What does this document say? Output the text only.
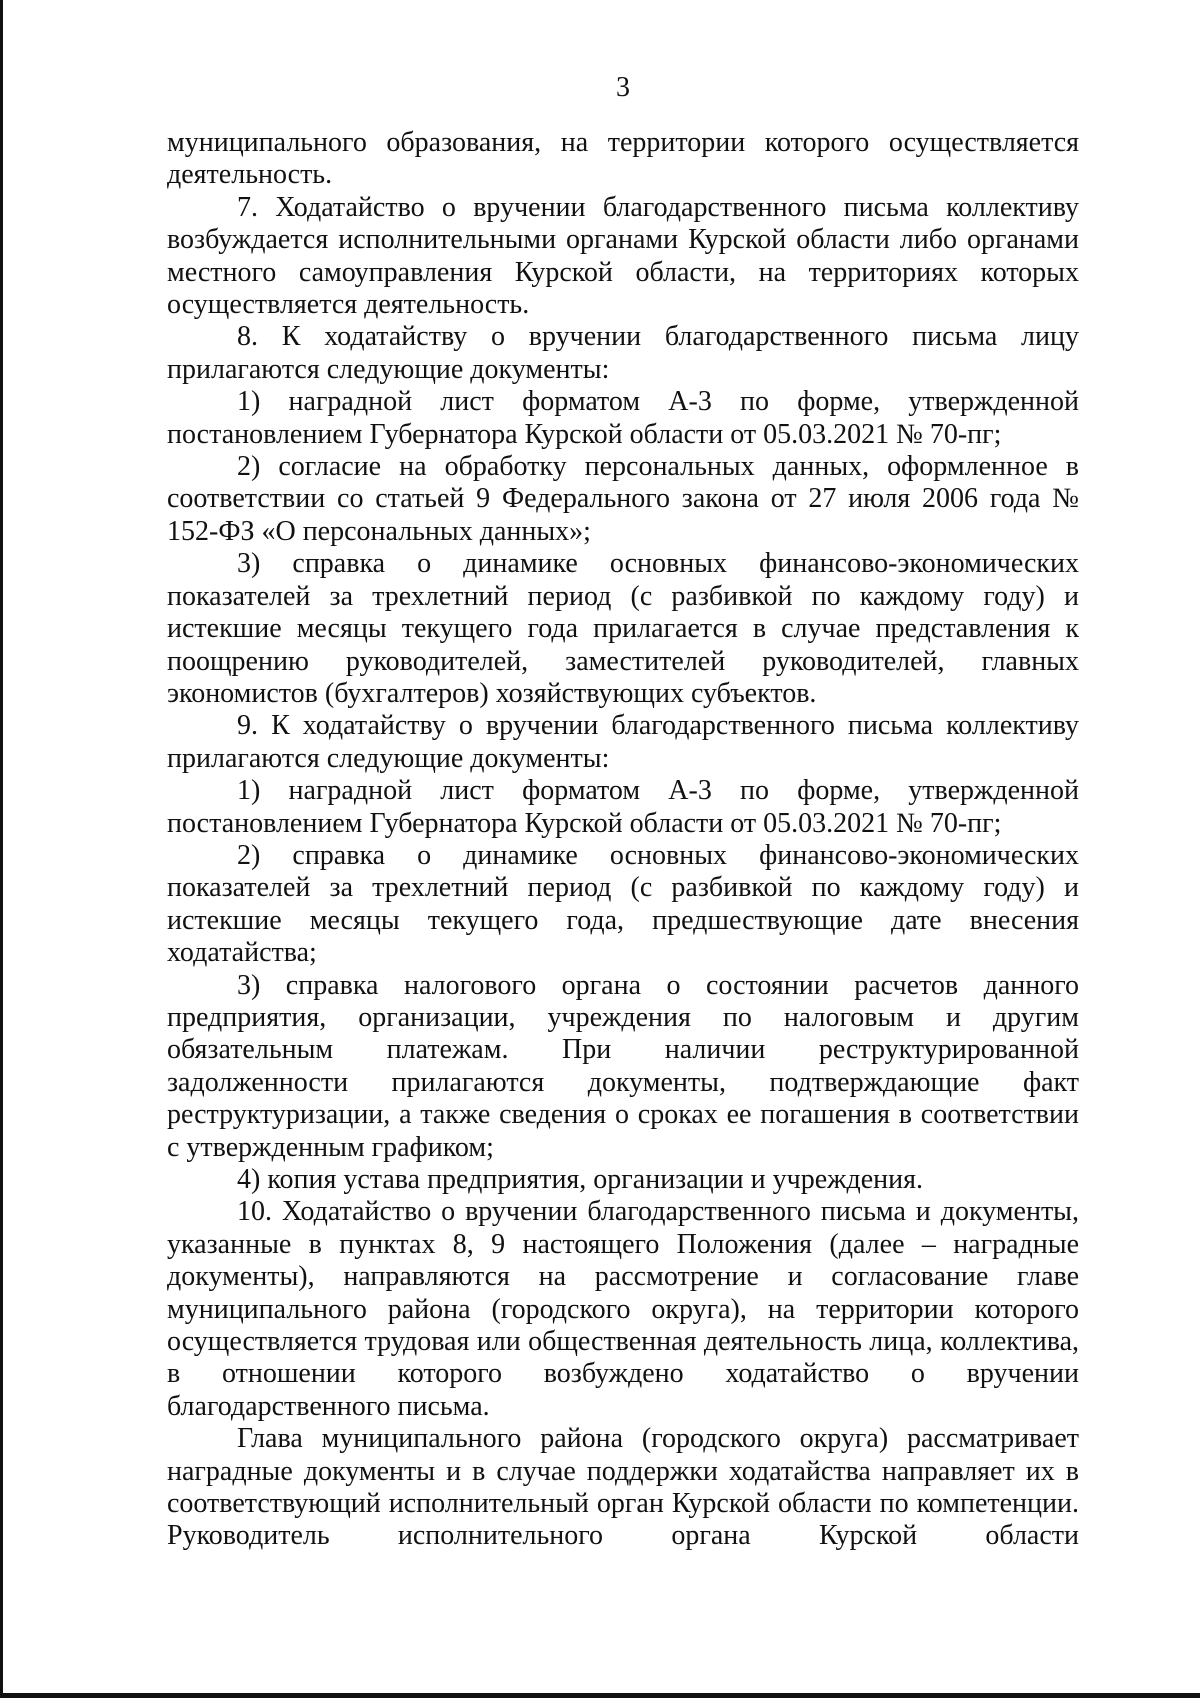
3

муниципального образования, на территории которого осуществляется деятельность.

7. Ходатайство о вручении благодарственного письма коллективу возбуждается исполнительными органами Курской области либо органами местного самоуправления Курской области, на территориях которых осуществляется деятельность.

8. К ходатайству о вручении благодарственного письма лицу прилагаются следующие документы:

1) наградной лист форматом А-3 по форме, утвержденной постановлением Губернатора Курской области от 05.03.2021 № 70-пг;

2) согласие на обработку персональных данных, оформленное в соответствии со статьей 9 Федерального закона от 27 июля 2006 года № 152-ФЗ «О персональных данных»;

3) справка о динамике основных финансово-экономических показателей за трехлетний период (с разбивкой по каждому году) и истекшие месяцы текущего года прилагается в случае представления к поощрению руководителей, заместителей руководителей, главных экономистов (бухгалтеров) хозяйствующих субъектов.

9. К ходатайству о вручении благодарственного письма коллективу прилагаются следующие документы:

1) наградной лист форматом А-3 по форме, утвержденной постановлением Губернатора Курской области от 05.03.2021 № 70-пг;

2) справка о динамике основных финансово-экономических показателей за трехлетний период (с разбивкой по каждому году) и истекшие месяцы текущего года, предшествующие дате внесения ходатайства;

3) справка налогового органа о состоянии расчетов данного предприятия, организации, учреждения по налоговым и другим обязательным платежам. При наличии реструктурированной задолженности прилагаются документы, подтверждающие факт реструктуризации, а также сведения о сроках ее погашения в соответствии с утвержденным графиком;

4) копия устава предприятия, организации и учреждения.

10. Ходатайство о вручении благодарственного письма и документы, указанные в пунктах 8, 9 настоящего Положения (далее – наградные документы), направляются на рассмотрение и согласование главе муниципального района (городского округа), на территории которого осуществляется трудовая или общественная деятельность лица, коллектива, в отношении которого возбуждено ходатайство о вручении благодарственного письма.

Глава муниципального района (городского округа) рассматривает наградные документы и в случае поддержки ходатайства направляет их в соответствующий исполнительный орган Курской области по компетенции. Руководитель исполнительного органа Курской области
